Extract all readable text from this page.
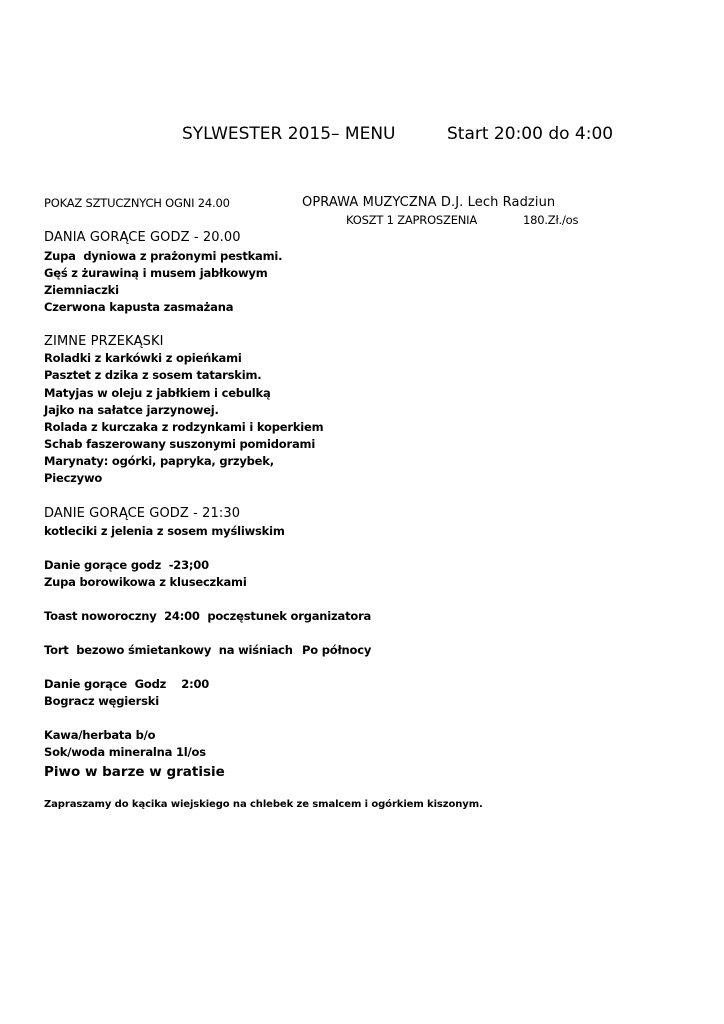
SYLWESTER 2015– MENU	Start 20:00 do 4:00
POKAZ SZTUCZNYCH OGNI 24.00	OPRAWA MUZYCZNA D.J. Lech Radziun
KOSZT 1 ZAPROSZENIA	180.Zł./os
DANIA GORĄCE GODZ - 20.00
Zupa  dyniowa z prażonymi pestkami.
Gęś z żurawiną i musem jabłkowym
Ziemniaczki
Czerwona kapusta zasmażana
ZIMNE PRZEKĄSKI
Roladki z karkówki z opieńkami
Pasztet z dzika z sosem tatarskim.
Matyjas w oleju z jabłkiem i cebulką
Jajko na sałatce jarzynowej.
Rolada z kurczaka z rodzynkami i koperkiem
Schab faszerowany suszonymi pomidorami
Marynaty: ogórki, papryka, grzybek,
Pieczywo
DANIE GORĄCE GODZ - 21:30
kotleciki z jelenia z sosem myśliwskim
Danie gorące godz  -23;00
Zupa borowikowa z kluseczkami
Toast noworoczny  24:00  poczęstunek organizatora
Tort  bezowo śmietankowy  na wiśniach Po północy
Danie gorące  Godz    2:00
Bogracz węgierski
Kawa/herbata b/o
Sok/woda mineralna 1l/os
Piwo w barze w gratisie
Zapraszamy do kącika wiejskiego na chlebek ze smalcem i ogórkiem kiszonym.
